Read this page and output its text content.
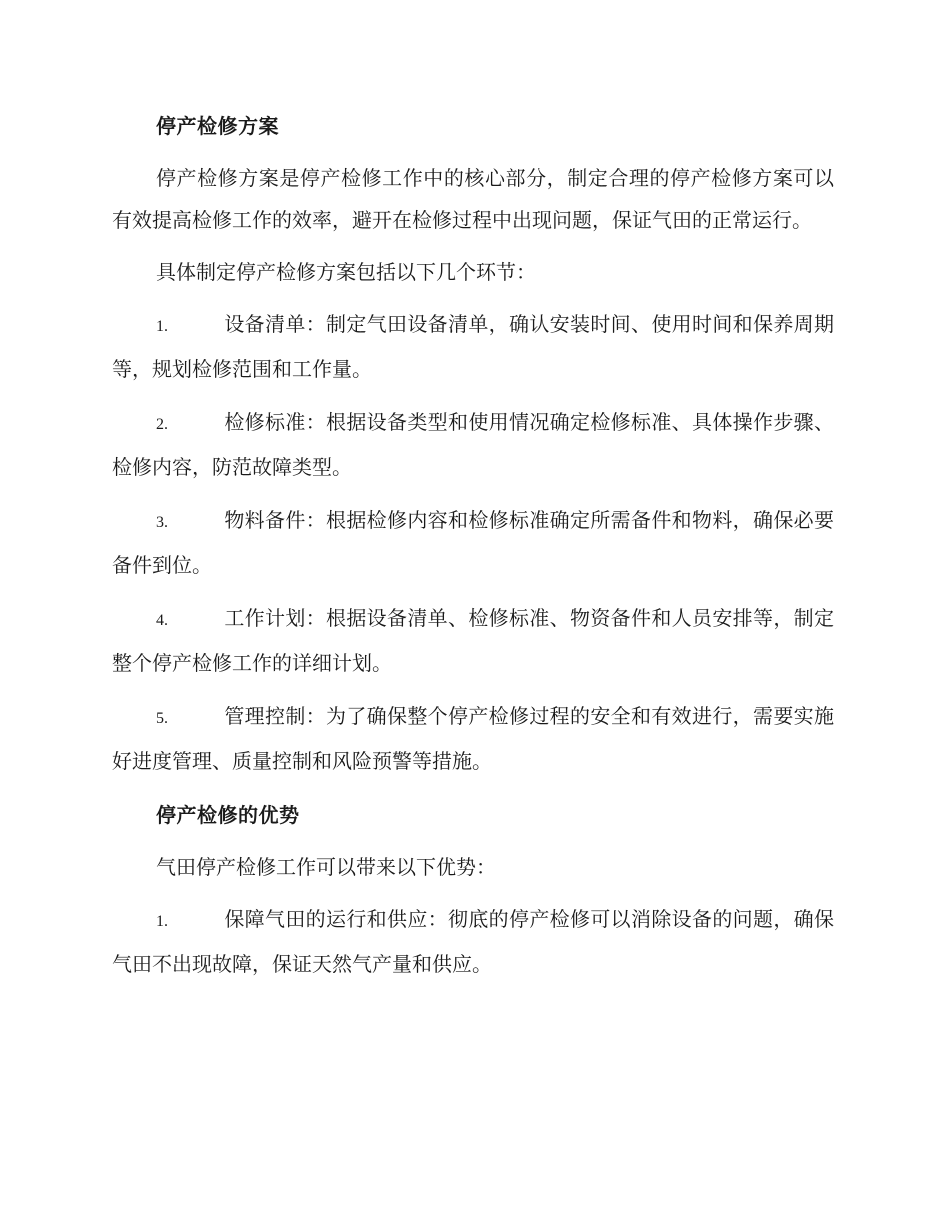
停产检修方案

停产检修方案是停产检修工作中的核心部分，制定合理的停产检修方案可以有效提高检修工作的效率，避开在检修过程中出现问题，保证气田的正常运行。

具体制定停产检修方案包括以下几个环节：

1.	设备清单：制定气田设备清单，确认安装时间、使用时间和保养周期等，规划检修范围和工作量。

2.	检修标准：根据设备类型和使用情况确定检修标准、具体操作步骤、检修内容，防范故障类型。

3.	物料备件：根据检修内容和检修标准确定所需备件和物料，确保必要备件到位。

4.	工作计划：根据设备清单、检修标准、物资备件和人员安排等，制定整个停产检修工作的详细计划。

5.	管理控制：为了确保整个停产检修过程的安全和有效进行，需要实施好进度管理、质量控制和风险预警等措施。

停产检修的优势

气田停产检修工作可以带来以下优势：

1.	保障气田的运行和供应：彻底的停产检修可以消除设备的问题，确保气田不出现故障，保证天然气产量和供应。
